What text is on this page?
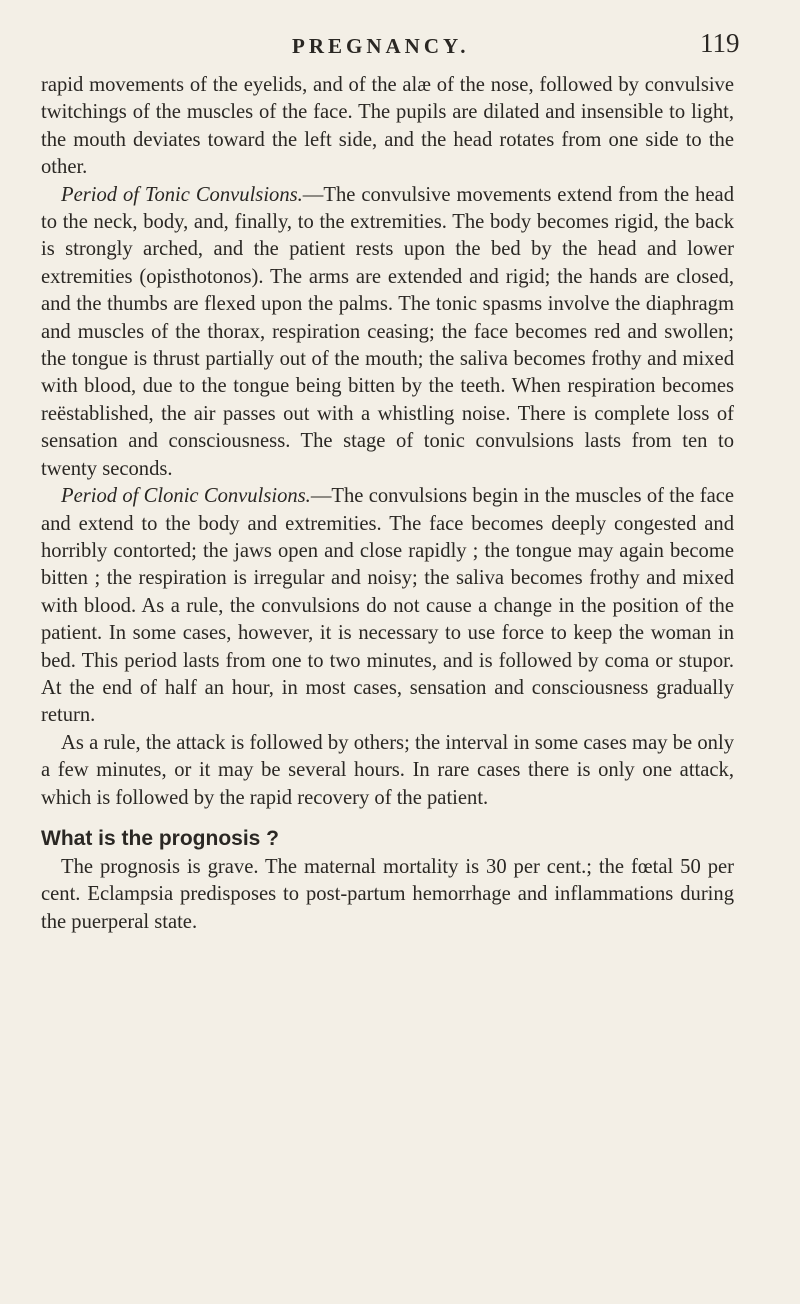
PREGNANCY.	119

rapid movements of the eyelids, and of the alæ of the nose, followed by convulsive twitchings of the muscles of the face. The pupils are dilated and insensible to light, the mouth deviates toward the left side, and the head rotates from one side to the other.

Period of Tonic Convulsions.—The convulsive movements extend from the head to the neck, body, and, finally, to the extremities. The body becomes rigid, the back is strongly arched, and the patient rests upon the bed by the head and lower extremities (opisthotonos). The arms are extended and rigid; the hands are closed, and the thumbs are flexed upon the palms. The tonic spasms involve the diaphragm and muscles of the thorax, respiration ceasing; the face becomes red and swollen; the tongue is thrust partially out of the mouth; the saliva becomes frothy and mixed with blood, due to the tongue being bitten by the teeth. When respiration becomes reëstablished, the air passes out with a whistling noise. There is complete loss of sensation and consciousness. The stage of tonic convulsions lasts from ten to twenty seconds.

Period of Clonic Convulsions.—The convulsions begin in the muscles of the face and extend to the body and extremities. The face becomes deeply congested and horribly contorted; the jaws open and close rapidly ; the tongue may again become bitten ; the respiration is irregular and noisy; the saliva becomes frothy and mixed with blood. As a rule, the convulsions do not cause a change in the position of the patient. In some cases, however, it is necessary to use force to keep the woman in bed. This period lasts from one to two minutes, and is followed by coma or stupor. At the end of half an hour, in most cases, sensation and consciousness gradually return.

As a rule, the attack is followed by others; the interval in some cases may be only a few minutes, or it may be several hours. In rare cases there is only one attack, which is followed by the rapid recovery of the patient.

What is the prognosis ?

The prognosis is grave. The maternal mortality is 30 per cent.; the fœtal 50 per cent. Eclampsia predisposes to post-partum hemorrhage and inflammations during the puerperal state.
